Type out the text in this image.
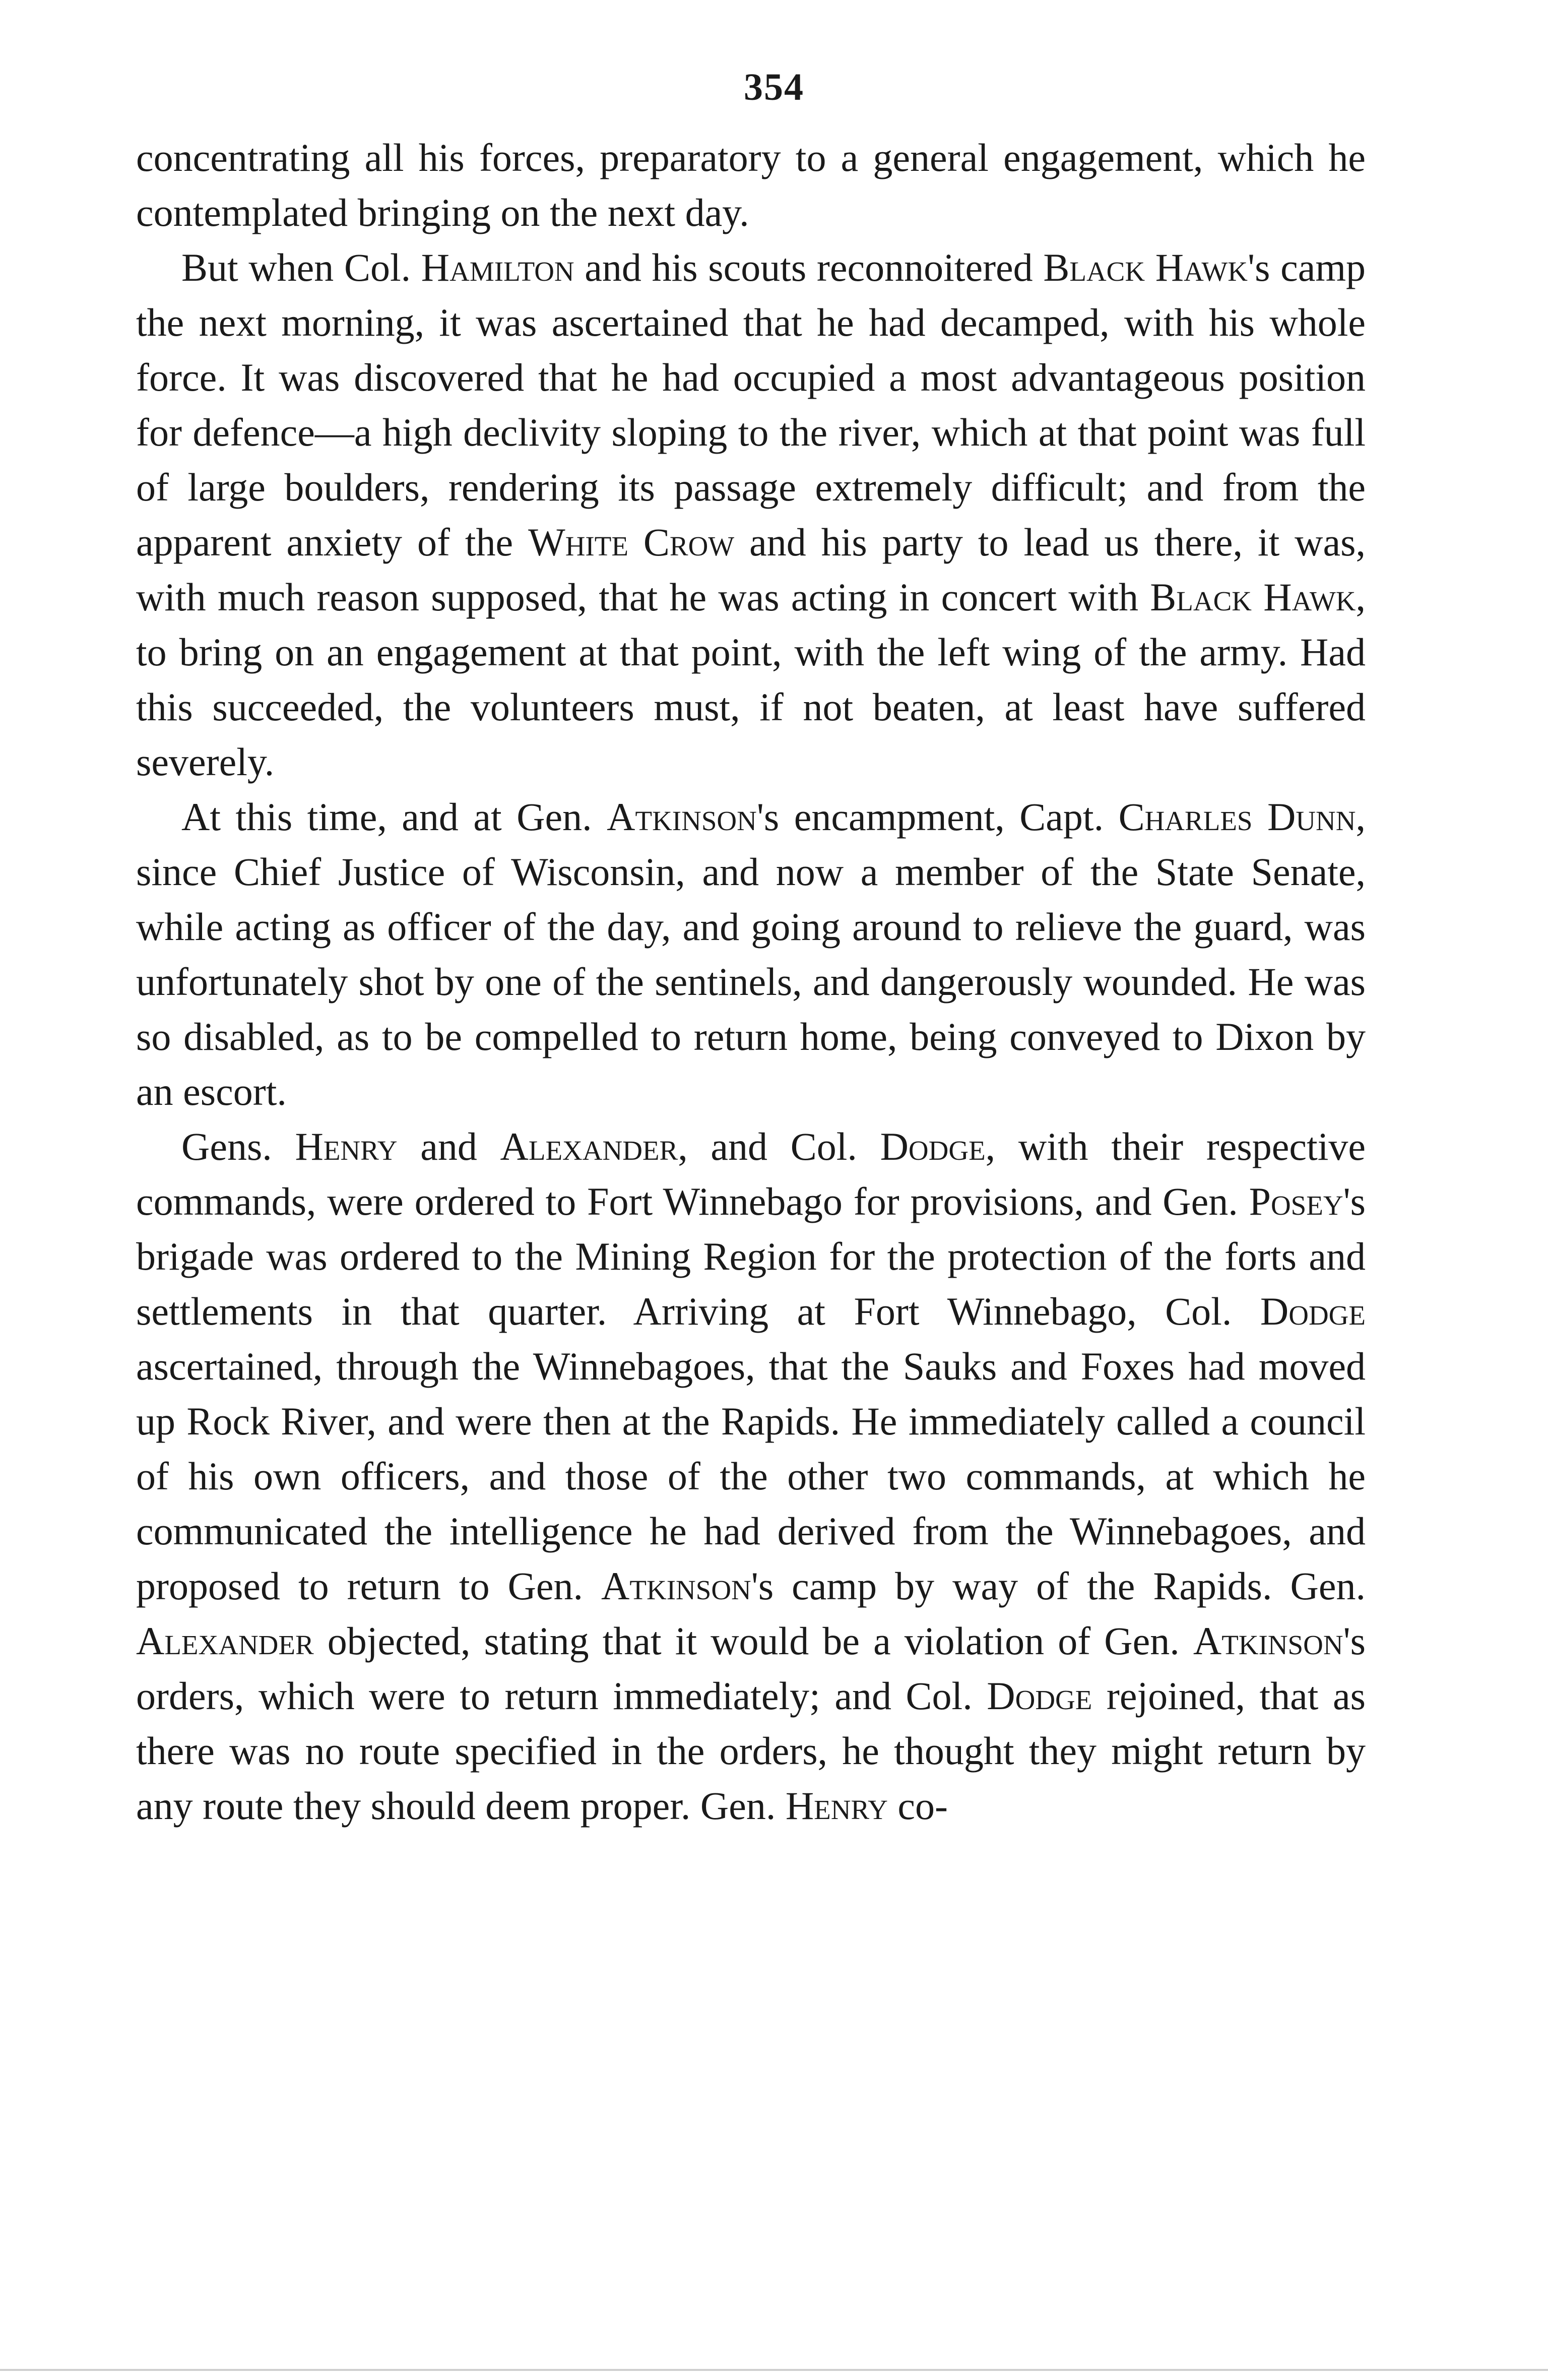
354

concentrating all his forces, preparatory to a general engagement, which he contemplated bringing on the next day.

But when Col. Hamilton and his scouts reconnoitered Black Hawk's camp the next morning, it was ascertained that he had decamped, with his whole force. It was discovered that he had occupied a most advantageous position for defence—a high declivity sloping to the river, which at that point was full of large boulders, rendering its passage extremely difficult; and from the apparent anxiety of the White Crow and his party to lead us there, it was, with much reason supposed, that he was acting in concert with Black Hawk, to bring on an engagement at that point, with the left wing of the army. Had this succeeded, the volunteers must, if not beaten, at least have suffered severely.

At this time, and at Gen. Atkinson's encampment, Capt. Charles Dunn, since Chief Justice of Wisconsin, and now a member of the State Senate, while acting as officer of the day, and going around to relieve the guard, was unfortunately shot by one of the sentinels, and dangerously wounded. He was so disabled, as to be compelled to return home, being conveyed to Dixon by an escort.

Gens. Henry and Alexander, and Col. Dodge, with their respective commands, were ordered to Fort Winnebago for provisions, and Gen. Posey's brigade was ordered to the Mining Region for the protection of the forts and settlements in that quarter. Arriving at Fort Winnebago, Col. Dodge ascertained, through the Winnebagoes, that the Sauks and Foxes had moved up Rock River, and were then at the Rapids. He immediately called a council of his own officers, and those of the other two commands, at which he communicated the intelligence he had derived from the Winnebagoes, and proposed to return to Gen. Atkinson's camp by way of the Rapids. Gen. Alexander objected, stating that it would be a violation of Gen. Atkinson's orders, which were to return immediately; and Col. Dodge rejoined, that as there was no route specified in the orders, he thought they might return by any route they should deem proper. Gen. Henry co-
